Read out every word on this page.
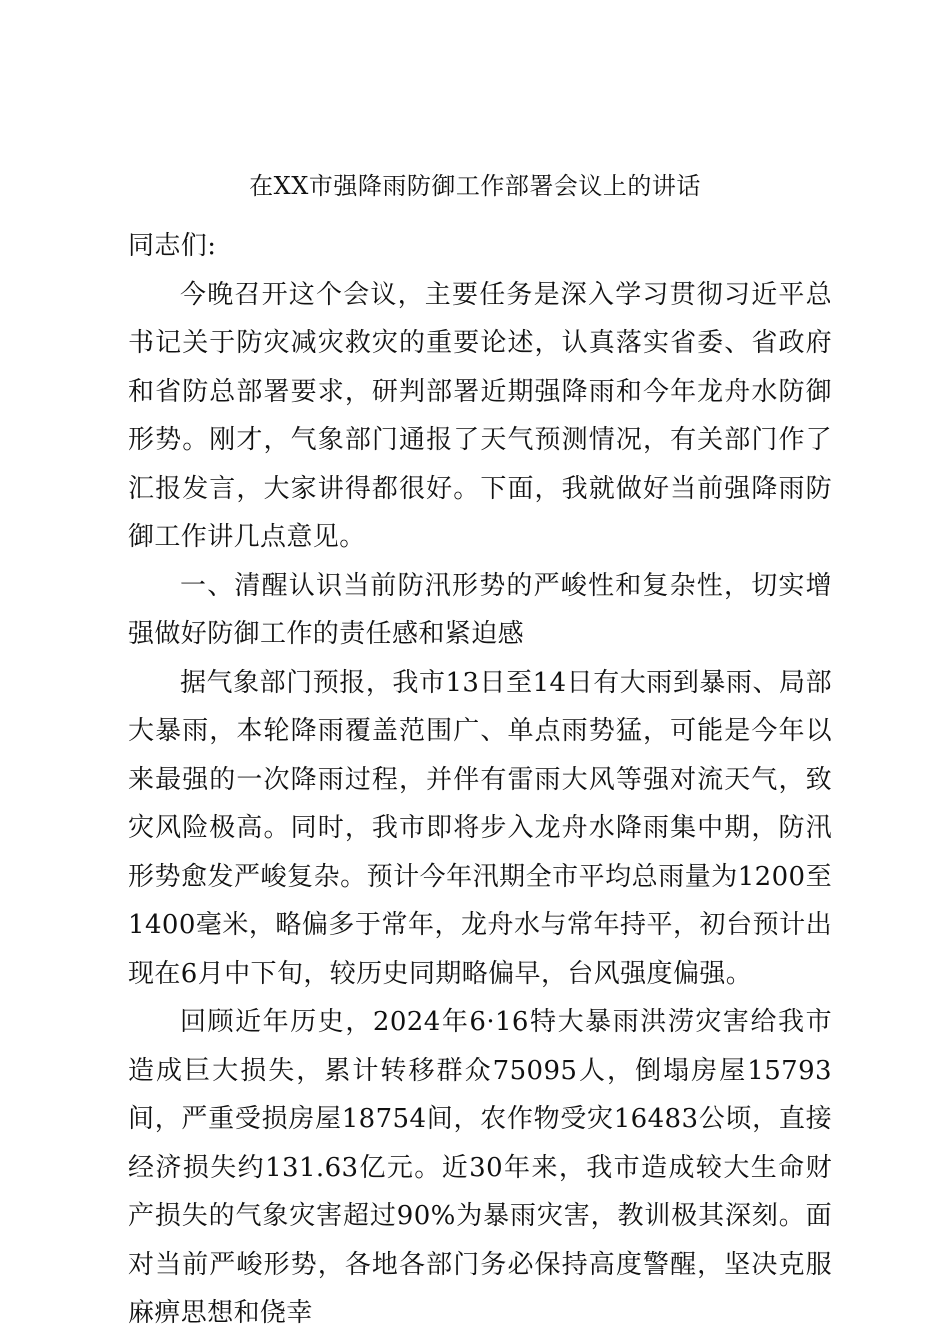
在XX市强降雨防御工作部署会议上的讲话

同志们:

今晚召开这个会议，主要任务是深入学习贯彻习近平总书记关于防灾减灾救灾的重要论述，认真落实省委、省政府和省防总部署要求，研判部署近期强降雨和今年龙舟水防御形势。刚才，气象部门通报了天气预测情况，有关部门作了汇报发言，大家讲得都很好。下面，我就做好当前强降雨防御工作讲几点意见。

一、清醒认识当前防汛形势的严峻性和复杂性，切实增强做好防御工作的责任感和紧迫感

据气象部门预报，我市13日至14日有大雨到暴雨、局部大暴雨，本轮降雨覆盖范围广、单点雨势猛，可能是今年以来最强的一次降雨过程，并伴有雷雨大风等强对流天气，致灾风险极高。同时，我市即将步入龙舟水降雨集中期，防汛形势愈发严峻复杂。预计今年汛期全市平均总雨量为1200至1400毫米，略偏多于常年，龙舟水与常年持平，初台预计出现在6月中下旬，较历史同期略偏早，台风强度偏强。

回顾近年历史，2024年6·16特大暴雨洪涝灾害给我市造成巨大损失，累计转移群众75095人，倒塌房屋15793间，严重受损房屋18754间，农作物受灾16483公顷，直接经济损失约131.63亿元。近30年来，我市造成较大生命财产损失的气象灾害超过90%为暴雨灾害，教训极其深刻。面对当前严峻形势，各地各部门务必保持高度警醒，坚决克服麻痹思想和侥幸
